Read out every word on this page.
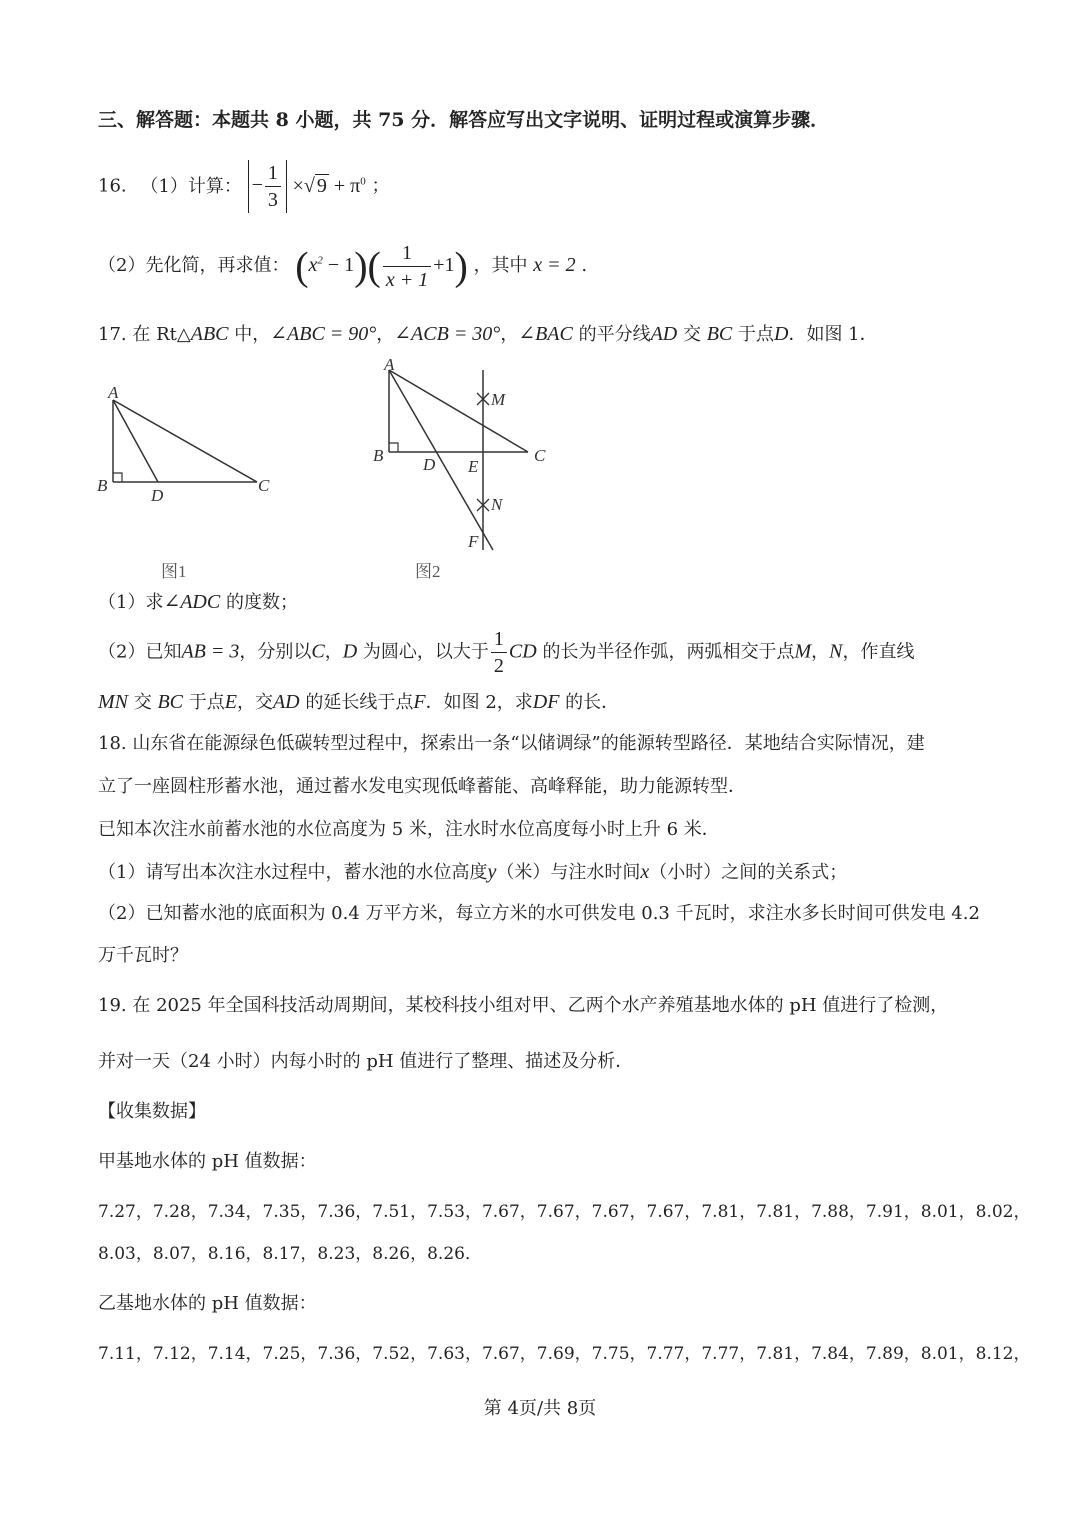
三、解答题：本题共 8 小题，共 75 分．解答应写出文字说明、证明过程或演算步骤．
16. （1）计算： − $\frac{1}{3}$ ×√ $9 + \pi^0$ ；
（2）先化简，再求值： $(x^2 - 1)( \frac{1}{x + 1} +1)$ ，其中 x = 2 .
17. 在 Rt△ABC 中，∠ABC = 90°，∠ACB = 30°，∠BAC 的平分线AD 交 BC 于点D．如图 1．
A
B
D
C
图1
A
B D E
C
M
N
F
图2
（1）求∠ADC 的度数；
（2）已知AB = 3，分别以C，D 为圆心，以大于 $\frac{1}{2}$ CD 的长为半径作弧，两弧相交于点M，N，作直线
MN 交 BC 于点E，交AD 的延长线于点F．如图 2，求DF 的长．
18. 山东省在能源绿色低碳转型过程中，探索出一条“以储调绿”的能源转型路径．某地结合实际情况，建
立了一座圆柱形蓄水池，通过蓄水发电实现低峰蓄能、高峰释能，助力能源转型．
已知本次注水前蓄水池的水位高度为 5 米，注水时水位高度每小时上升 6 米．
（1）请写出本次注水过程中，蓄水池的水位高度y（米）与注水时间x（小时）之间的关系式；
（2）已知蓄水池的底面积为 0.4 万平方米，每立方米的水可供发电 0.3 千瓦时，求注水多长时间可供发电 4.2
万千瓦时？
19. 在 2025 年全国科技活动周期间，某校科技小组对甲、乙两个水产养殖基地水体的 pH 值进行了检测，
并对一天（24 小时）内每小时的 pH 值进行了整理、描述及分析．
【收集数据】
甲基地水体的 pH 值数据：
7.27，7.28，7.34，7.35，7.36，7.51，7.53，7.67，7.67，7.67，7.67，7.81，7.81，7.88，7.91，8.01，8.02，
8.03，8.07，8.16，8.17，8.23，8.26，8.26．
乙基地水体的 pH 值数据：
7.11，7.12，7.14，7.25，7.36，7.52，7.63，7.67，7.69，7.75，7.77，7.77，7.81，7.84，7.89，8.01，8.12，
第 4页/共 8页
